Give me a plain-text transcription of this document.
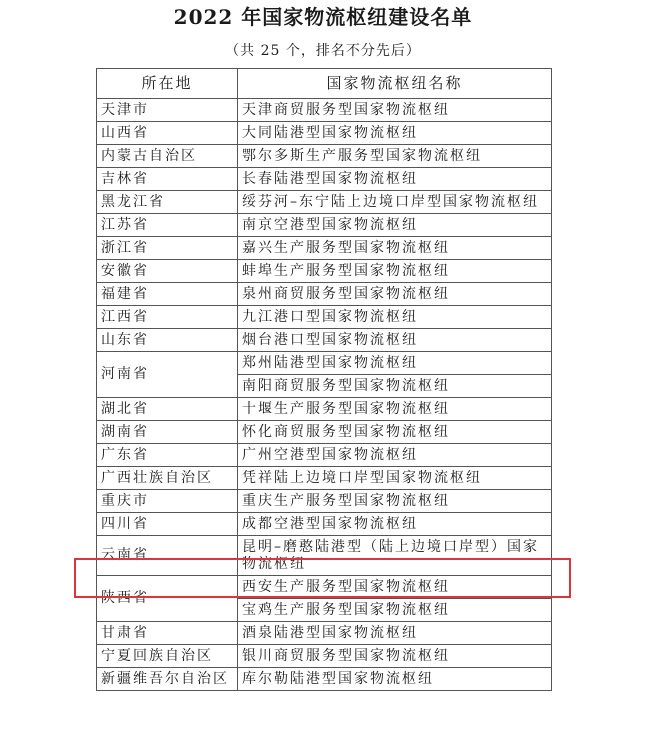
2022 年国家物流枢纽建设名单
（共 25 个，排名不分先后）
所在地	国家物流枢纽名称
天津市	天津商贸服务型国家物流枢纽
山西省	大同陆港型国家物流枢纽
内蒙古自治区	鄂尔多斯生产服务型国家物流枢纽
吉林省	长春陆港型国家物流枢纽
黑龙江省	绥芬河–东宁陆上边境口岸型国家物流枢纽
江苏省	南京空港型国家物流枢纽
浙江省	嘉兴生产服务型国家物流枢纽
安徽省	蚌埠生产服务型国家物流枢纽
福建省	泉州商贸服务型国家物流枢纽
江西省	九江港口型国家物流枢纽
山东省	烟台港口型国家物流枢纽
河南省	郑州陆港型国家物流枢纽
	南阳商贸服务型国家物流枢纽
湖北省	十堰生产服务型国家物流枢纽
湖南省	怀化商贸服务型国家物流枢纽
广东省	广州空港型国家物流枢纽
广西壮族自治区	凭祥陆上边境口岸型国家物流枢纽
重庆市	重庆生产服务型国家物流枢纽
四川省	成都空港型国家物流枢纽
云南省	昆明–磨憨陆港型（陆上边境口岸型）国家物流枢纽
陕西省	西安生产服务型国家物流枢纽
	宝鸡生产服务型国家物流枢纽
甘肃省	酒泉陆港型国家物流枢纽
宁夏回族自治区	银川商贸服务型国家物流枢纽
新疆维吾尔自治区	库尔勒陆港型国家物流枢纽
